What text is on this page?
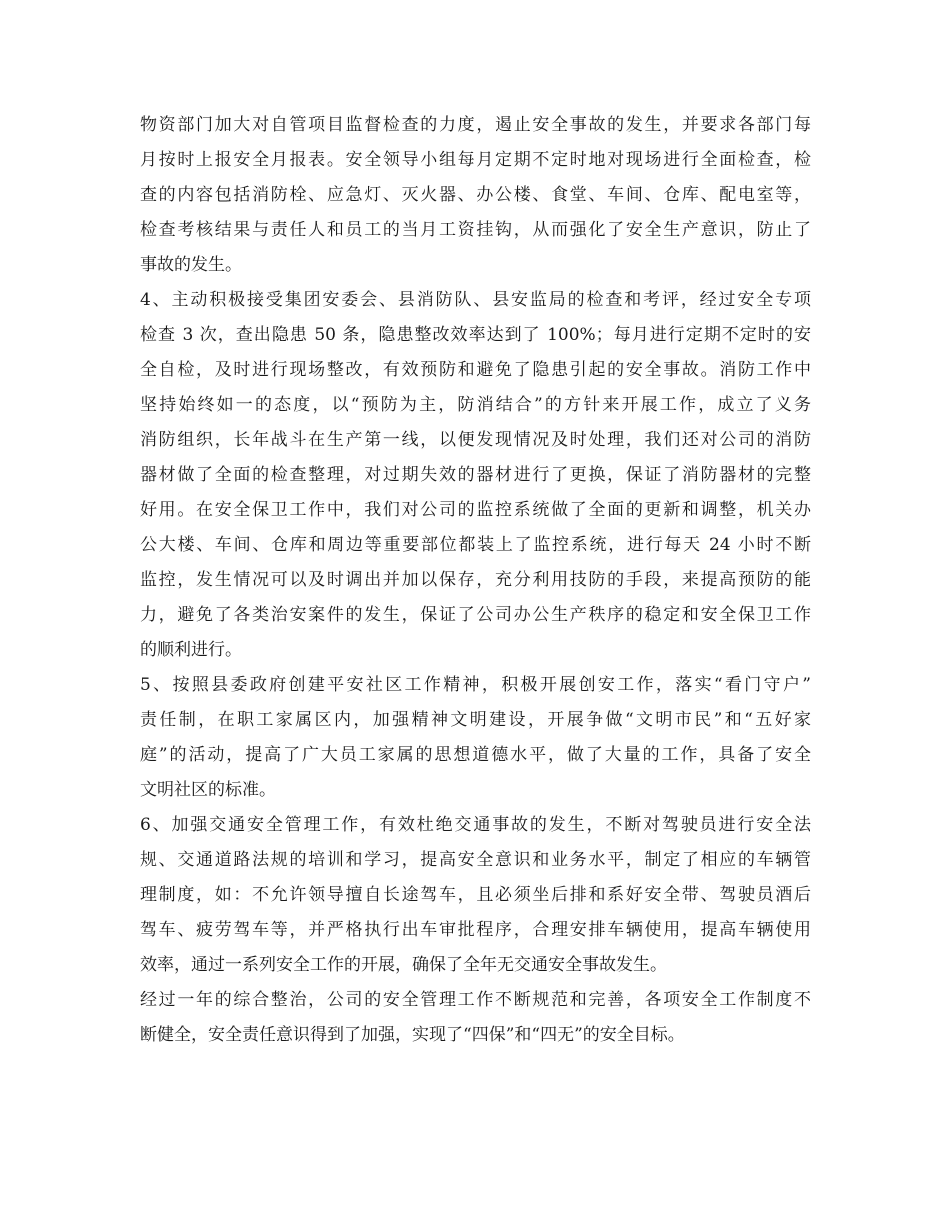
物资部门加大对自管项目监督检查的力度，遏止安全事故的发生，并要求各部门每
月按时上报安全月报表。安全领导小组每月定期不定时地对现场进行全面检查，检
查的内容包括消防栓、应急灯、灭火器、办公楼、食堂、车间、仓库、配电室等，
检查考核结果与责任人和员工的当月工资挂钩，从而强化了安全生产意识，防止了
事故的发生。
4、主动积极接受集团安委会、县消防队、县安监局的检查和考评，经过安全专项
检查 3 次，查出隐患 50 条，隐患整改效率达到了 100%；每月进行定期不定时的安
全自检，及时进行现场整改，有效预防和避免了隐患引起的安全事故。消防工作中
坚持始终如一的态度，以“预防为主，防消结合”的方针来开展工作，成立了义务
消防组织，长年战斗在生产第一线，以便发现情况及时处理，我们还对公司的消防
器材做了全面的检查整理，对过期失效的器材进行了更换，保证了消防器材的完整
好用。在安全保卫工作中，我们对公司的监控系统做了全面的更新和调整，机关办
公大楼、车间、仓库和周边等重要部位都装上了监控系统，进行每天 24 小时不断
监控，发生情况可以及时调出并加以保存，充分利用技防的手段，来提高预防的能
力，避免了各类治安案件的发生，保证了公司办公生产秩序的稳定和安全保卫工作
的顺利进行。
5、按照县委政府创建平安社区工作精神，积极开展创安工作，落实“看门守户”
责任制，在职工家属区内，加强精神文明建设，开展争做“文明市民”和“五好家
庭”的活动，提高了广大员工家属的思想道德水平，做了大量的工作，具备了安全
文明社区的标准。
6、加强交通安全管理工作，有效杜绝交通事故的发生，不断对驾驶员进行安全法
规、交通道路法规的培训和学习，提高安全意识和业务水平，制定了相应的车辆管
理制度，如：不允许领导擅自长途驾车，且必须坐后排和系好安全带、驾驶员酒后
驾车、疲劳驾车等，并严格执行出车审批程序，合理安排车辆使用，提高车辆使用
效率，通过一系列安全工作的开展，确保了全年无交通安全事故发生。
经过一年的综合整治，公司的安全管理工作不断规范和完善，各项安全工作制度不
断健全，安全责任意识得到了加强，实现了“四保”和“四无”的安全目标。
